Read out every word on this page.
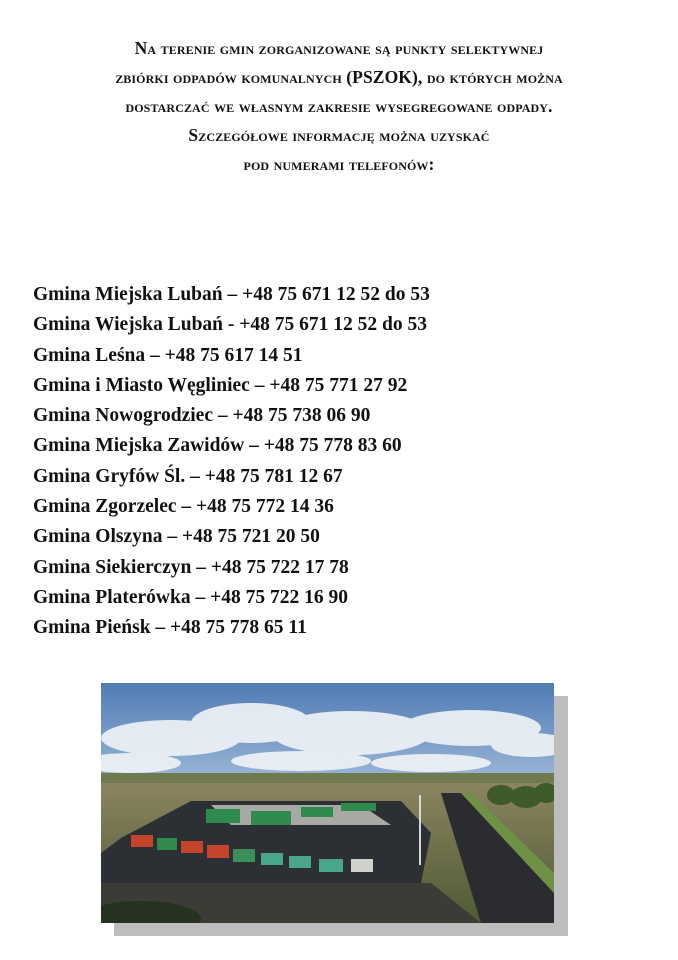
Na terenie gmin zorganizowane są punkty selektywnej

zbiórki odpadów komunalnych (PSZOK), do których można

dostarczać we własnym zakresie wysegregowane odpady.

Szczegółowe informację można uzyskać

pod numerami telefonów:

Gmina Miejska Lubań – +48 75 671 12 52 do 53
Gmina Wiejska Lubań - +48 75 671 12 52 do 53
Gmina Leśna – +48 75 617 14 51
Gmina i Miasto Węgliniec – +48 75 771 27 92
Gmina Nowogrodziec – +48 75 738 06 90
Gmina Miejska Zawidów – +48 75 778 83 60
Gmina Gryfów Śl. – +48 75 781 12 67
Gmina Zgorzelec – +48 75 772 14 36
Gmina Olszyna – +48 75 721 20 50
Gmina Siekierczyn – +48 75 722 17 78
Gmina Platerówka – +48 75 722 16 90
Gmina Pieńsk – +48 75 778 65 11
